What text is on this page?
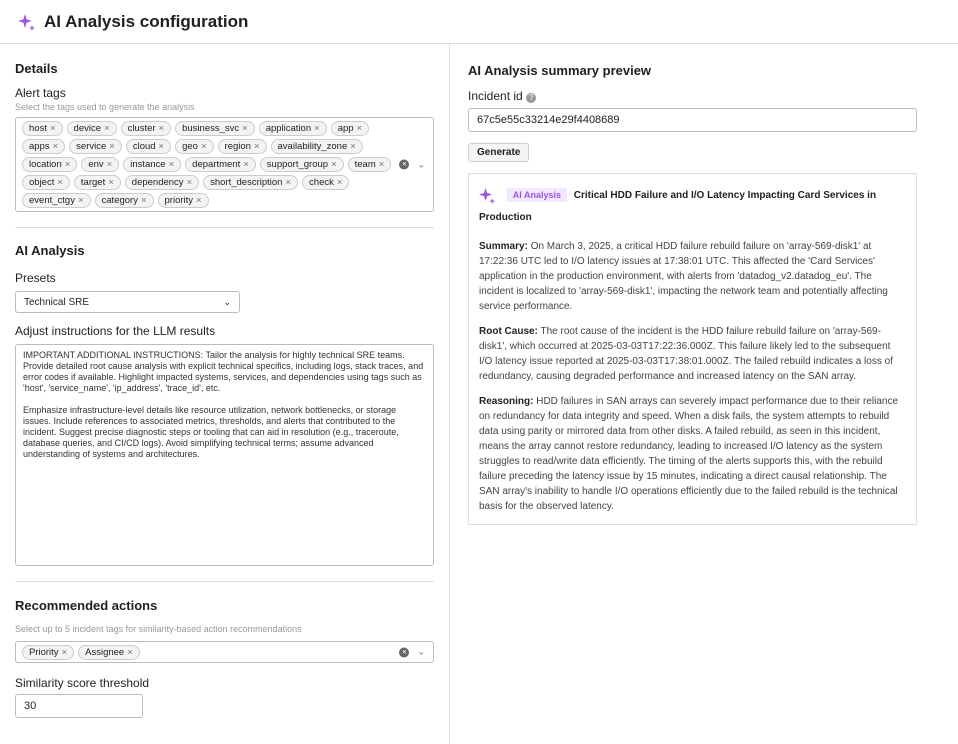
AI Analysis configuration
Details
Alert tags
Select the tags used to generate the analysis
host ×	device ×	cluster ×	business_svc ×	application ×	app ×
apps ×	service ×	cloud ×	geo ×	region ×	availability_zone ×
location ×	env ×	instance ×	department ×	support_group ×	team ×
object ×	target ×	dependency ×	short_description ×	check ×
event_ctgy ×	category ×	priority ×
× ⌄
AI Analysis
Presets
Technical SRE	⌄
Adjust instructions for the LLM results
IMPORTANT ADDITIONAL INSTRUCTIONS: Tailor the analysis for highly technical SRE teams. Provide detailed root cause analysis with explicit technical specifics, including logs, stack traces, and error codes if available. Highlight impacted systems, services, and dependencies using tags such as 'host', 'service_name', 'ip_address', 'trace_id', etc. Emphasize infrastructure-level details like resource utilization, network bottlenecks, or storage issues. Include references to associated metrics, thresholds, and alerts that contributed to the incident. Suggest precise diagnostic steps or tooling that can aid in resolution (e.g., traceroute, database queries, and CI/CD logs). Avoid simplifying technical terms; assume advanced understanding of systems and architectures.
Recommended actions
Select up to 5 incident tags for similarity-based action recommendations
Priority ×	Assignee ×	× ⌄
Similarity score threshold
30
AI Analysis summary preview
Incident id ?
67c5e55c33214e29f4408689
Generate
AI Analysis Critical HDD Failure and I/O Latency Impacting Card Services in Production

Summary: On March 3, 2025, a critical HDD failure rebuild failure on 'array-569-disk1' at 17:22:36 UTC led to I/O latency issues at 17:38:01 UTC. This affected the 'Card Services' application in the production environment, with alerts from 'datadog_v2.datadog_eu'. The incident is localized to 'array-569-disk1', impacting the network team and potentially affecting service performance.

Root Cause: The root cause of the incident is the HDD failure rebuild failure on 'array-569-disk1', which occurred at 2025-03-03T17:22:36.000Z. This failure likely led to the subsequent I/O latency issue reported at 2025-03-03T17:38:01.000Z. The failed rebuild indicates a loss of redundancy, causing degraded performance and increased latency on the SAN array.

Reasoning: HDD failures in SAN arrays can severely impact performance due to their reliance on redundancy for data integrity and speed. When a disk fails, the system attempts to rebuild data using parity or mirrored data from other disks. A failed rebuild, as seen in this incident, means the array cannot restore redundancy, leading to increased I/O latency as the system struggles to read/write data efficiently. The timing of the alerts supports this, with the rebuild failure preceding the latency issue by 15 minutes, indicating a direct causal relationship. The SAN array's inability to handle I/O operations efficiently due to the failed rebuild is the technical basis for the observed latency.
